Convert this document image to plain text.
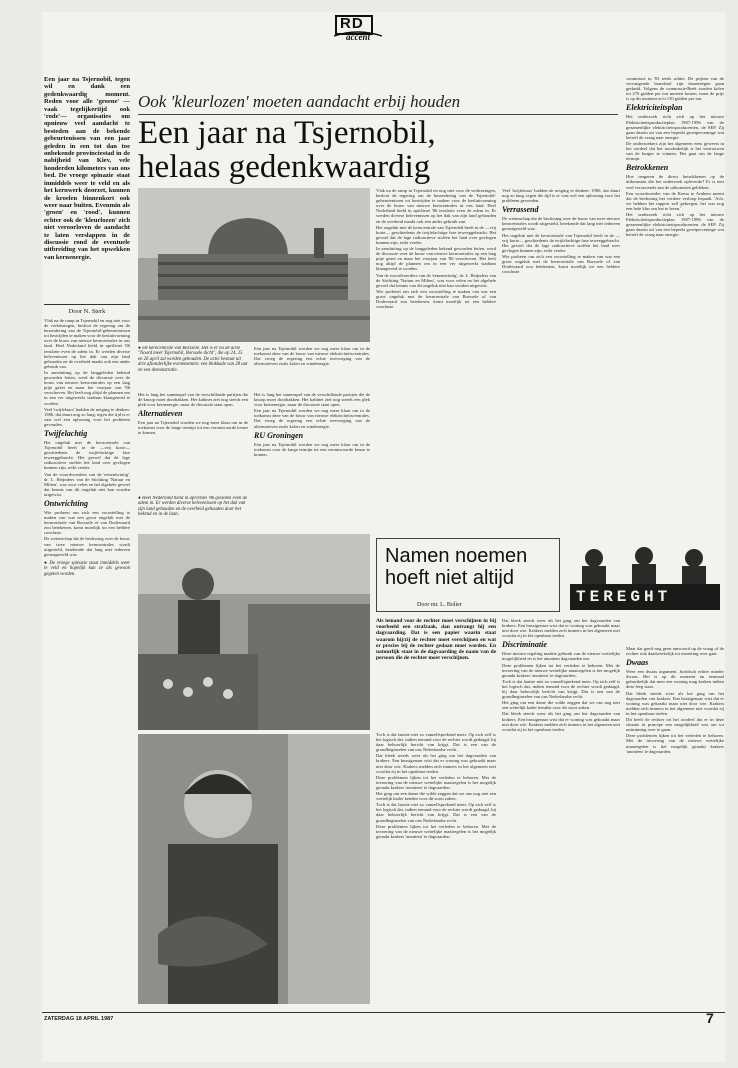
RD
accent
Een jaar na Tsjernobil, tegen wil en dank een gedenkwaardig moment. Reden voor alle 'groene' —vaak tegelijkertijd ook 'rode'— organisaties om opnieuw veel aandacht te besteden aan de bekende gebeurtenissen van een jaar geleden in een tot dan toe onbekende provinciestad in de nabijheid van Kiev, vele honderden kilometers van ons bed. De vroege spinazie staat inmiddels weer te veld en als het kernwerk doorzet, kunnen de kroelen binnenkort ook weer naar buiten. Evenmin als 'groen' en 'rood', kunnen echter ook de 'kleurlozen' zich niet veroorloven de aandacht te laten verslappen in de discussie rond de eventuele uitbreiding van het opwekken van kernenergie.
Door N. Sterk
Ook 'kleurlozen' moeten aandacht erbij houden
Een jaar na Tsjernobil,
helaas gedenkwaardig
● De kerncentrale van Borssele. Het is er na de actie "Noord meer Tsjernobil, Borssele dicht", die op 24, 25 en 26 april zal worden gehouden. De actie bestaat uit drie afzonderlijke evenementen: een blokkade van 28 uur en een demonstratie.
Een jaar na Tsjernobil worden we nog meer klaar om in de toekomst deze van de bouw van nieuwe elektriciteitscentrales. Dat vroeg de regering een echte overweging van de alternatieven zoals kolen en windenergie.

Vlak na de ramp in Tsjernobil en nog niet voor de verkiezingen, besloot de regering om de besondering van de Tsjernobil-gebeurtenissen tot bestrijden te maken voor de besluitvorming over de bouw van nieuwe kerncentrales in ons land. Heel Nederland hield in april/mei '86 tenslotte even de adem in. Er werden diverse belevenissen op het dak van zijn land gehouden en de overheid maakt ook een ander gebruik van.

In aansluiting op de langgeleden bekend geworden feiten, werd de discussie over de bouw van nieuwe kerncentrales op een laag pitje gezet en maar het voorjaar van '86 verschoven. Het leeft nog altijd de plannen om in een ver uitgewerkt stadium klaargereed te worden.

Veel 'twijfelaars' hadden de neiging te denken: 1986, dat duurt nog zo lang, tegen die tijd is er vast wel een oplossing voor het probleem gevonden.

Twijfelachtig

Het ongeluk met de kerncentrale van Tsjernobil heeft in de —vrij korte— geschiedenis de twijfelachtige fase teweeggebracht. Het gevoel dat de lage radioactieve stoffen het land over gevlogen kunnen zijn, reikt verder.

Van de woordvoerders van de 'eenentwintig', dr. L. Reijnders van de Stichting 'Natuur en Milieu', was voor velen en het algehele gevoel dat kennis van dit ongeluk niet kan worden uitgewist.

Ontwrichting

Wie probeert om zich een voorstelling te maken van wat een groot ongeluk met de kerncentrale van Borssele of van Dodewaard zou betekenen, komt moeilijk tot een heldere conclusie.

De wetenschap dat de beslissing over de bouw van twee nieuwe kerncentrales wordt uitgesteld, betekende dat lang niet iedereen gerustgesteld was.

● De vroege spinazie staat inmiddels weer te veld en hopelijk kan ze als gewoon gegeten worden.

Het is lang het samenspel van de verschillende partijen die de knoop moet doorhakken. Het kabinet ziet nog steeds een plek voor kernenergie, maar de discussie staat open.

Alternatieven

Een jaar na Tsjernobil worden we nog meer klaar om in de toekomst voor de lange termijn tot een verantwoorde keuze te komen.

● Heel Nederland hield in april/mei '86 gesloten even de adem in. Er werden diverse belevenissen op het dak van zijn land gehouden en de overheid gehouden door het bekend en in de laan.

Het is lang het samenspel van de verschillende partijen die de knoop moet doorhakken. Het kabinet ziet nog steeds een plek voor kernenergie, maar de discussie staat open.

Een jaar na Tsjernobil worden we nog meer klaar om in de toekomst deze van de bouw van nieuwe elektriciteitscentrales. Dat vroeg de regering een echte overweging van de alternatieven zoals kolen en windenergie.

RU Groningen

Een jaar na Tsjernobil worden we nog meer klaar om in de toekomst voor de lange termijn tot een verantwoorde keuze te komen.

Vlak na de ramp in Tsjernobil en nog niet voor de verkiezingen, besloot de regering om de besondering van de Tsjernobil-gebeurtenissen tot bestrijden te maken voor de besluitvorming over de bouw van nieuwe kerncentrales in ons land. Heel Nederland hield in april/mei '86 tenslotte even de adem in. Er werden diverse belevenissen op het dak van zijn land gehouden en de overheid maakt ook een ander gebruik van.

Het ongeluk met de kerncentrale van Tsjernobil heeft in de —vrij korte— geschiedenis de twijfelachtige fase teweeggebracht. Het gevoel dat de lage radioactieve stoffen het land over gevlogen kunnen zijn, reikt verder.

In aansluiting op de langgeleden bekend geworden feiten, werd de discussie over de bouw van nieuwe kerncentrales op een laag pitje gezet en maar het voorjaar van '86 verschoven. Het leeft nog altijd de plannen om in een ver uitgewerkt stadium klaargereed te worden.

Van de woordvoerders van de 'eenentwintig', dr. L. Reijnders van de Stichting 'Natuur en Milieu', was voor velen en het algehele gevoel dat kennis van dit ongeluk niet kan worden uitgewist.

Wie probeert om zich een voorstelling te maken van wat een groot ongeluk met de kerncentrale van Borssele of van Dodewaard zou betekenen, komt moeilijk tot een heldere conclusie.

Veel 'twijfelaars' hadden de neiging te denken: 1986, dat duurt nog zo lang, tegen die tijd is er vast wel een oplossing voor het probleem gevonden.

Verrassend

De wetenschap dat de beslissing over de bouw van twee nieuwe kerncentrales wordt uitgesteld, betekende dat lang niet iedereen gerustgesteld was.

Het ongeluk met de kerncentrale van Tsjernobil heeft in de —vrij korte— geschiedenis de twijfelachtige fase teweeggebracht. Het gevoel dat de lage radioactieve stoffen het land over gevlogen kunnen zijn, reikt verder.

Wie probeert om zich een voorstelling te maken van wat een groot ongeluk met de kerncentrale van Borssele of van Dodewaard zou betekenen, komt moeilijk tot een heldere conclusie.

commissie in '83 reeds achtte. De prijzen van de vervangende brandstof zijn daarentegen gaan gedaald. Volgens de commissie-Beek zouden kolen tot 270 gulden per ton moeten kosten, maar de prijs is op dit moment zo'n 130 gulden per ton.

Elektriciteitsplan

Het onderzoek richt zich op het nieuwe Elektriciteitsproductieplan 1987-1996 van de gezamenlijke elektriciteitsproducenten, de SEP. Zij gaan daarin uit van een beperkt groeipercentage wat betreft de vraag naar energie.

De onderzoekers zijn het algemeen eens geweest in het oordeel dat het noodzakelijk is het vertrouwen van de burger te winnen. Het gaat om de lange termijn.

Betrokkenen

Hoe reageren de direct betrokkenen op de uitkomsten die het onderzoek opleverde? Er is niet veel verrassends aan de uitkomsten gebleken.

Een woordvoerder van de Kema te Arnhem meent dat de beslissing het verdere verloop bepaalt. 'Ach, we hebben het rapport zelf gekregen, het was nog een hele klus om het te lezen.'

Het onderzoek richt zich op het nieuwe Elektriciteitsproductieplan 1987-1996 van de gezamenlijke elektriciteitsproducenten, de SEP. Zij gaan daarin uit van een beperkt groeipercentage wat betreft de vraag naar energie.

Namen noemen
hoeft niet altijd
Door mr. L. Bolier	TEREGHT
Als iemand voor de rechter moet verschijnen in bij voorbeeld een strafzaak, dan ontvangt hij een dagvaarding. Dat is een papier waarin staat waarom hij/zij de rechter moet verschijnen en wat er precies bij de rechter gedaan moet worden. En natuurlijk staat in de dagvaarding de naam van de persoon die de rechter moet verschijnen.

Toch is dat laatste niet zo vanzelfsprekend meer. Op zich zelf is het logisch dat, indien iemand voor de rechter wordt gedaagd, hij daar behoorlijk bericht van krijgt. Dat is een van de grondbeginselen van ons Nederlandse recht.

Dat bleek steeds weer als het ging om het dagvaarden van krakers. Een bussigenaar wist dat er woning was gekraakt maar niet door wie. Krakers melden zich immers in het algemeen niet voordat zij in het openbaar treden.

Deze problemen lijken tot het verleden te behoren. Met de invoering van de nieuwe wettelijke maatregelen is het mogelijk geraakt krakers 'anoniem' te dagvaarden.

Het ging om een dame die wilde zeggen dat we ons nog niet een wettelijk kader kenden voor dit soort zaken.

Toch is dat laatste niet zo vanzelfsprekend meer. Op zich zelf is het logisch dat, indien iemand voor de rechter wordt gedaagd, hij daar behoorlijk bericht van krijgt. Dat is een van de grondbeginselen van ons Nederlandse recht.

Deze problemen lijken tot het verleden te behoren. Met de invoering van de nieuwe wettelijke maatregelen is het mogelijk geraakt krakers 'anoniem' te dagvaarden.

Dat bleek steeds weer als het ging om het dagvaarden van krakers. Een bussigenaar wist dat er woning was gekraakt maar niet door wie. Krakers melden zich immers in het algemeen niet voordat zij in het openbaar treden.

Discriminatie

Deze nieuwe regeling maakte gebruik van de nieuwe wettelijke mogelijkheid en is het anoniem dagvaarden om.

Deze problemen lijken tot het verleden te behoren. Met de invoering van de nieuwe wettelijke maatregelen is het mogelijk geraakt krakers 'anoniem' te dagvaarden.

Toch is dat laatste niet zo vanzelfsprekend meer. Op zich zelf is het logisch dat, indien iemand voor de rechter wordt gedaagd, hij daar behoorlijk bericht van krijgt. Dat is een van de grondbeginselen van ons Nederlandse recht.

Het ging om een dame die wilde zeggen dat we ons nog niet een wettelijk kader kenden voor dit soort zaken.

Dat bleek steeds weer als het ging om het dagvaarden van krakers. Een bussigenaar wist dat er woning was gekraakt maar niet door wie. Krakers melden zich immers in het algemeen niet voordat zij in het openbaar treden.

Maar dat geeft nog geen antwoord op de vraag of de rechter ook daadwerkelijk tot uitzetting over gaat.

Dwaas

Weer een dwaas argument. Juridisch echter minder dwaas. Het is op dit moment nu eenmaal gebruikelijk dat men een woning mag kraken indien deze leeg staat.

Dat bleek steeds weer als het ging om het dagvaarden van krakers. Een bussigenaar wist dat er woning was gekraakt maar niet door wie. Krakers melden zich immers in het algemeen niet voordat zij in het openbaar treden.

Dit heeft de rechter tot het oordeel dat er in deze situatie in principe een mogelijkheid was om tot ontruiming over te gaan.

Deze problemen lijken tot het verleden te behoren. Met de invoering van de nieuwe wettelijke maatregelen is het mogelijk geraakt krakers 'anoniem' te dagvaarden.

ZATERDAG 18 APRIL 1987	7
